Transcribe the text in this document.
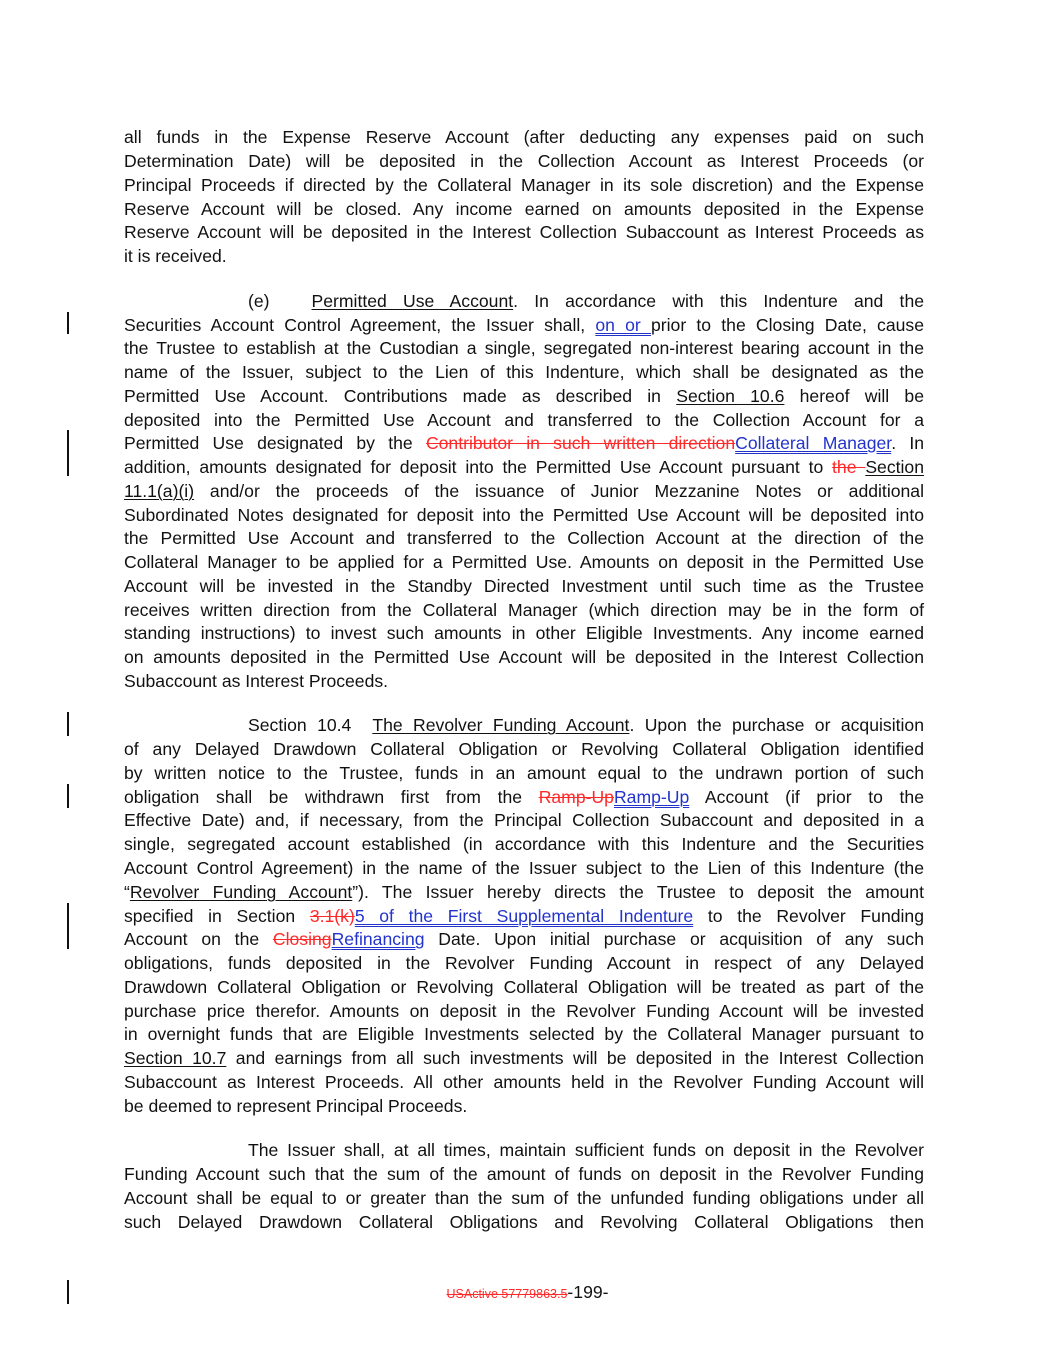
all funds in the Expense Reserve Account (after deducting any expenses paid on such
Determination Date) will be deposited in the Collection Account as Interest Proceeds (or
Principal Proceeds if directed by the Collateral Manager in its sole discretion) and the Expense
Reserve Account will be closed. Any income earned on amounts deposited in the Expense
Reserve Account will be deposited in the Interest Collection Subaccount as Interest Proceeds as
it is received.
(e) Permitted Use Account. In accordance with this Indenture and the
Securities Account Control Agreement, the Issuer shall, on or prior to the Closing Date, cause
the Trustee to establish at the Custodian a single, segregated non-interest bearing account in the
name of the Issuer, subject to the Lien of this Indenture, which shall be designated as the
Permitted Use Account. Contributions made as described in Section 10.6 hereof will be
deposited into the Permitted Use Account and transferred to the Collection Account for a
Permitted Use designated by the Contributor in such written directionCollateral Manager. In
addition, amounts designated for deposit into the Permitted Use Account pursuant to the Section
11.1(a)(i) and/or the proceeds of the issuance of Junior Mezzanine Notes or additional
Subordinated Notes designated for deposit into the Permitted Use Account will be deposited into
the Permitted Use Account and transferred to the Collection Account at the direction of the
Collateral Manager to be applied for a Permitted Use. Amounts on deposit in the Permitted Use
Account will be invested in the Standby Directed Investment until such time as the Trustee
receives written direction from the Collateral Manager (which direction may be in the form of
standing instructions) to invest such amounts in other Eligible Investments. Any income earned
on amounts deposited in the Permitted Use Account will be deposited in the Interest Collection
Subaccount as Interest Proceeds.
Section 10.4 The Revolver Funding Account. Upon the purchase or acquisition
of any Delayed Drawdown Collateral Obligation or Revolving Collateral Obligation identified
by written notice to the Trustee, funds in an amount equal to the undrawn portion of such
obligation shall be withdrawn first from the Ramp-UpRamp-Up Account (if prior to the
Effective Date) and, if necessary, from the Principal Collection Subaccount and deposited in a
single, segregated account established (in accordance with this Indenture and the Securities
Account Control Agreement) in the name of the Issuer subject to the Lien of this Indenture (the
“Revolver Funding Account”). The Issuer hereby directs the Trustee to deposit the amount
specified in Section 3.1(k)5 of the First Supplemental Indenture to the Revolver Funding
Account on the ClosingRefinancing Date. Upon initial purchase or acquisition of any such
obligations, funds deposited in the Revolver Funding Account in respect of any Delayed
Drawdown Collateral Obligation or Revolving Collateral Obligation will be treated as part of the
purchase price therefor. Amounts on deposit in the Revolver Funding Account will be invested
in overnight funds that are Eligible Investments selected by the Collateral Manager pursuant to
Section 10.7 and earnings from all such investments will be deposited in the Interest Collection
Subaccount as Interest Proceeds. All other amounts held in the Revolver Funding Account will
be deemed to represent Principal Proceeds.
The Issuer shall, at all times, maintain sufficient funds on deposit in the Revolver
Funding Account such that the sum of the amount of funds on deposit in the Revolver Funding
Account shall be equal to or greater than the sum of the unfunded funding obligations under all
such Delayed Drawdown Collateral Obligations and Revolving Collateral Obligations then
USActive 57779863.5-199-
